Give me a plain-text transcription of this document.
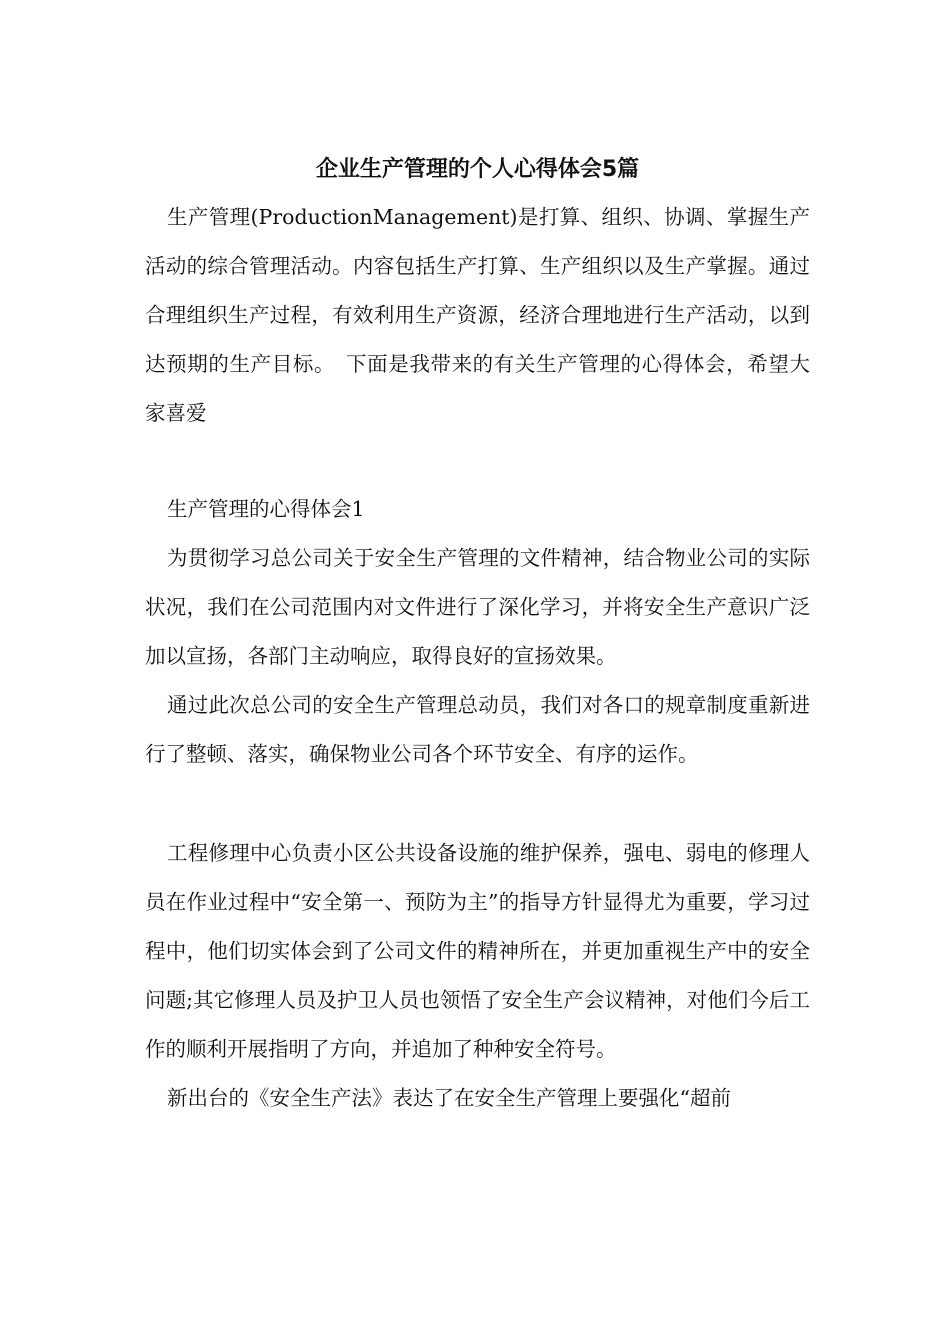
企业生产管理的个人心得体会5篇

生产管理(ProductionManagement)是打算、组织、协调、掌握生产活动的综合管理活动。内容包括生产打算、生产组织以及生产掌握。通过合理组织生产过程，有效利用生产资源，经济合理地进行生产活动，以到达预期的生产目标。　下面是我带来的有关生产管理的心得体会，希望大家喜爱

生产管理的心得体会1

为贯彻学习总公司关于安全生产管理的文件精神，结合物业公司的实际状况，我们在公司范围内对文件进行了深化学习，并将安全生产意识广泛加以宣扬，各部门主动响应，取得良好的宣扬效果。

通过此次总公司的安全生产管理总动员，我们对各口的规章制度重新进行了整顿、落实，确保物业公司各个环节安全、有序的运作。

工程修理中心负责小区公共设备设施的维护保养，强电、弱电的修理人员在作业过程中“安全第一、预防为主”的指导方针显得尤为重要，学习过程中，他们切实体会到了公司文件的精神所在，并更加重视生产中的安全问题;其它修理人员及护卫人员也领悟了安全生产会议精神，对他们今后工作的顺利开展指明了方向，并追加了种种安全符号。

新出台的《安全生产法》表达了在安全生产管理上要强化“超前
